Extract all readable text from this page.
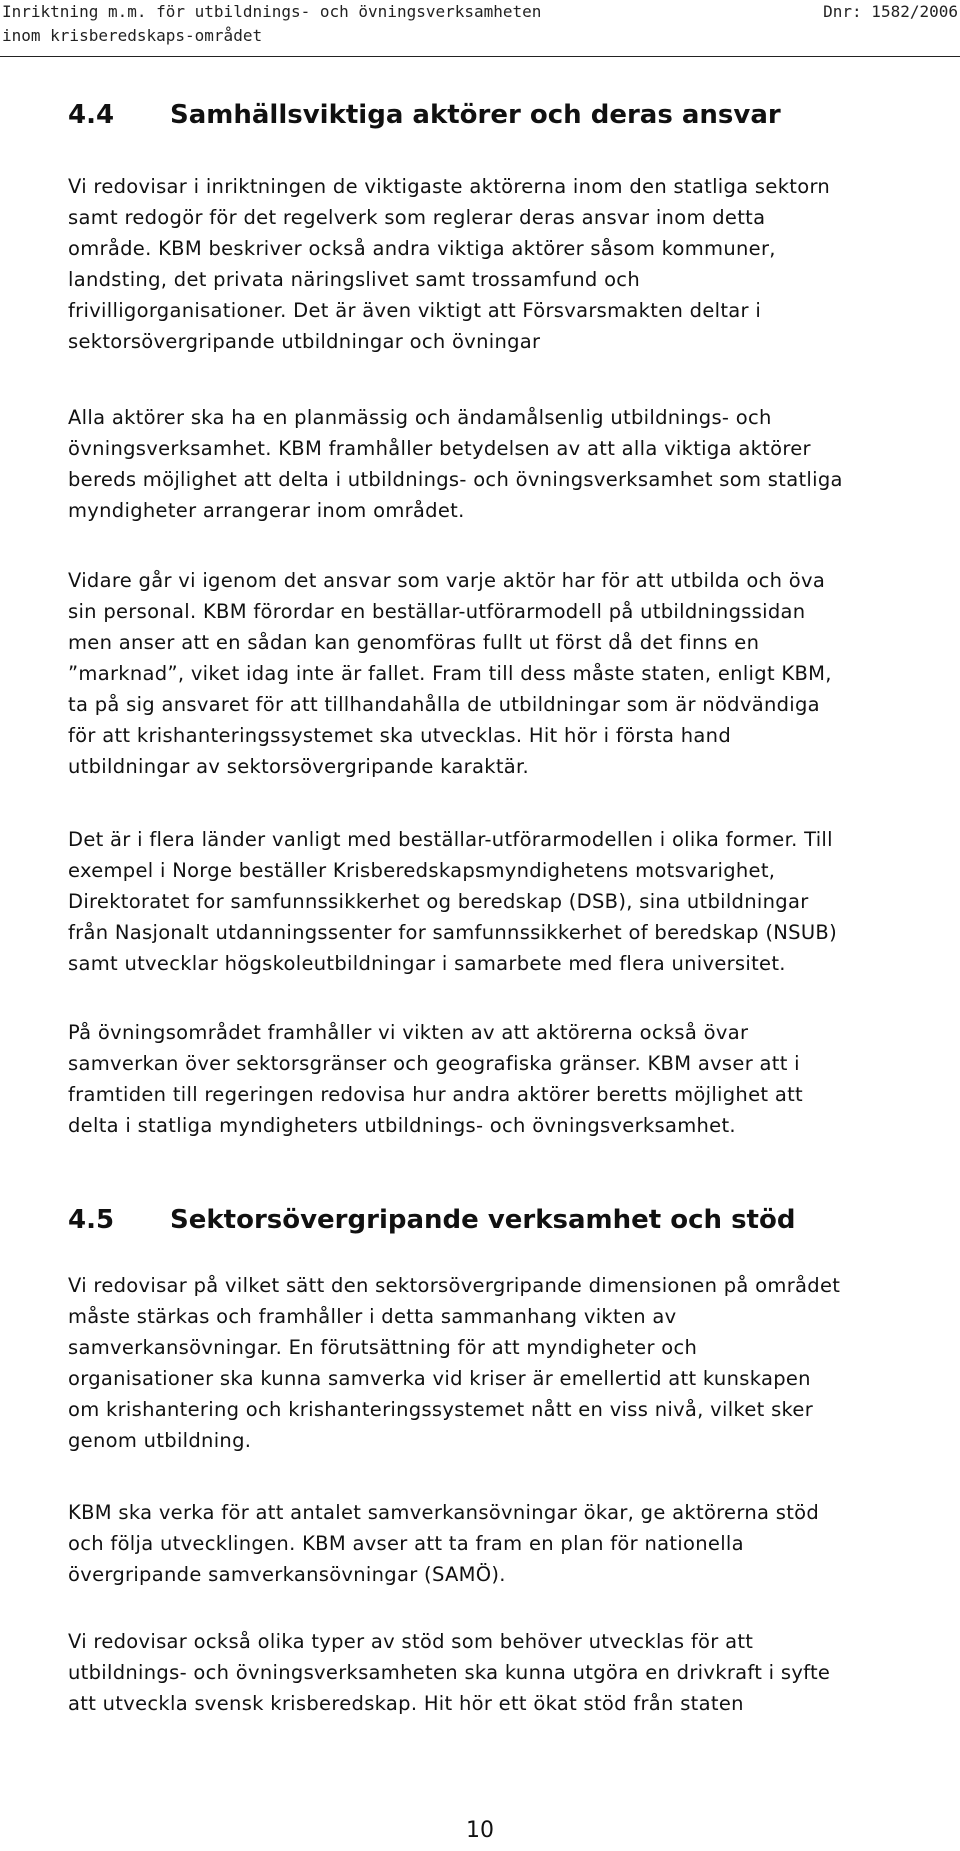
Inriktning m.m. för utbildnings- och övningsverksamheten
inom krisberedskaps-området
Dnr: 1582/2006
4.4 Samhällsviktiga aktörer och deras ansvar

Vi redovisar i inriktningen de viktigaste aktörerna inom den statliga sektorn

samt redogör för det regelverk som reglerar deras ansvar inom detta

område. KBM beskriver också andra viktiga aktörer såsom kommuner,

landsting, det privata näringslivet samt trossamfund och

frivilligorganisationer. Det är även viktigt att Försvarsmakten deltar i

sektorsövergripande utbildningar och övningar

Alla aktörer ska ha en planmässig och ändamålsenlig utbildnings- och

övningsverksamhet. KBM framhåller betydelsen av att alla viktiga aktörer

bereds möjlighet att delta i utbildnings- och övningsverksamhet som statliga

myndigheter arrangerar inom området.

Vidare går vi igenom det ansvar som varje aktör har för att utbilda och öva

sin personal. KBM förordar en beställar-utförarmodell på utbildningssidan

men anser att en sådan kan genomföras fullt ut först då det finns en

”marknad”, viket idag inte är fallet. Fram till dess måste staten, enligt KBM,

ta på sig ansvaret för att tillhandahålla de utbildningar som är nödvändiga

för att krishanteringssystemet ska utvecklas. Hit hör i första hand

utbildningar av sektorsövergripande karaktär.

Det är i flera länder vanligt med beställar-utförarmodellen i olika former. Till

exempel i Norge beställer Krisberedskapsmyndighetens motsvarighet,

Direktoratet for samfunnssikkerhet og beredskap (DSB), sina utbildningar

från Nasjonalt utdanningssenter for samfunnssikkerhet of beredskap (NSUB)

samt utvecklar högskoleutbildningar i samarbete med flera universitet.

På övningsområdet framhåller vi vikten av att aktörerna också övar

samverkan över sektorsgränser och geografiska gränser. KBM avser att i

framtiden till regeringen redovisa hur andra aktörer beretts möjlighet att

delta i statliga myndigheters utbildnings- och övningsverksamhet.

4.5 Sektorsövergripande verksamhet och stöd

Vi redovisar på vilket sätt den sektorsövergripande dimensionen på området

måste stärkas och framhåller i detta sammanhang vikten av

samverkansövningar. En förutsättning för att myndigheter och

organisationer ska kunna samverka vid kriser är emellertid att kunskapen

om krishantering och krishanteringssystemet nått en viss nivå, vilket sker

genom utbildning.

KBM ska verka för att antalet samverkansövningar ökar, ge aktörerna stöd

och följa utvecklingen. KBM avser att ta fram en plan för nationella

övergripande samverkansövningar (SAMÖ).

Vi redovisar också olika typer av stöd som behöver utvecklas för att

utbildnings- och övningsverksamheten ska kunna utgöra en drivkraft i syfte

att utveckla svensk krisberedskap. Hit hör ett ökat stöd från staten

10
